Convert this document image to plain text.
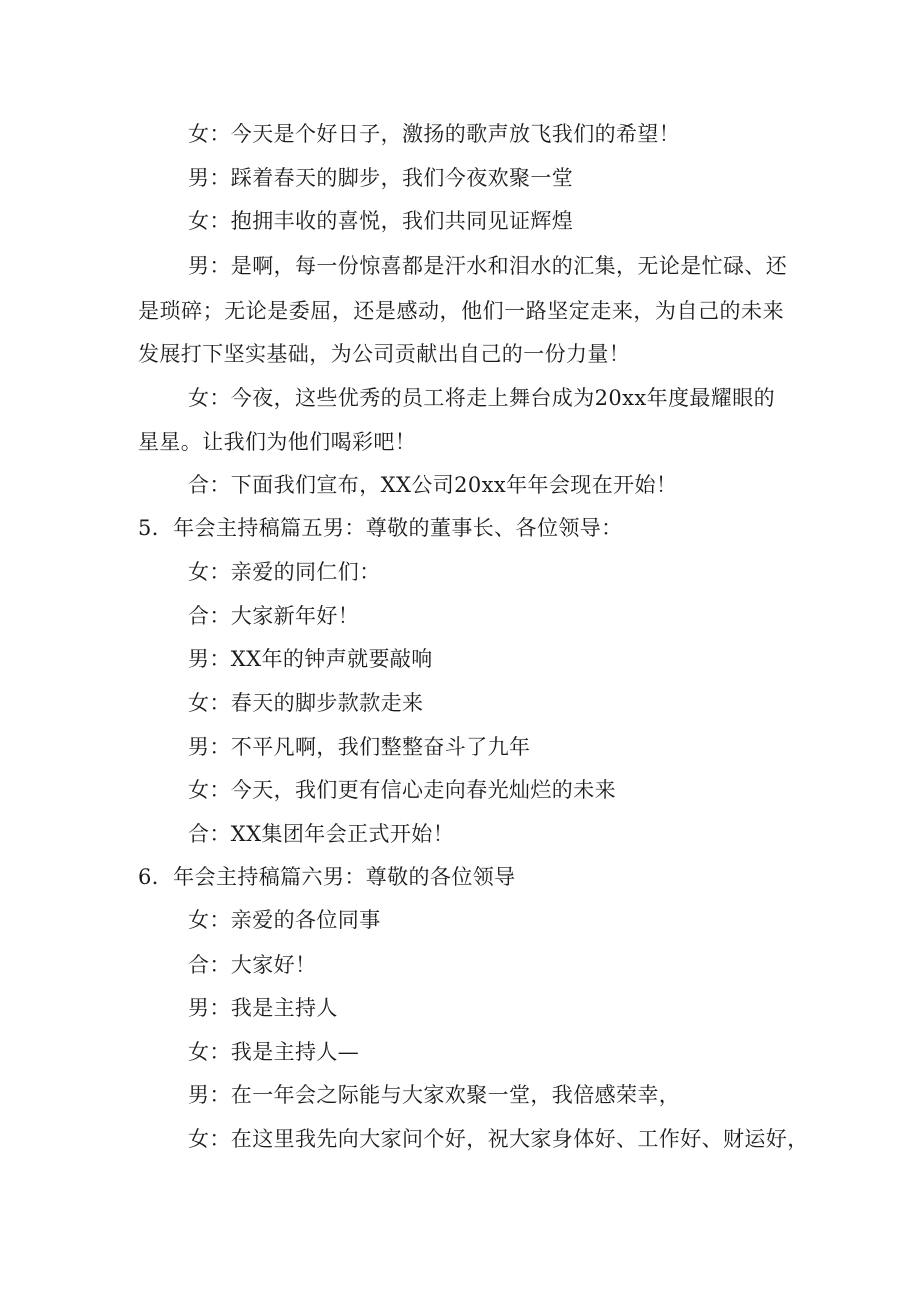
女：今天是个好日子，激扬的歌声放飞我们的希望！
男：踩着春天的脚步，我们今夜欢聚一堂
女：抱拥丰收的喜悦，我们共同见证辉煌
男：是啊，每一份惊喜都是汗水和泪水的汇集，无论是忙碌、还
是琐碎；无论是委屈，还是感动，他们一路坚定走来，为自己的未来
发展打下坚实基础，为公司贡献出自己的一份力量！
女：今夜，这些优秀的员工将走上舞台成为20xx年度最耀眼的
星星。让我们为他们喝彩吧！
合：下面我们宣布，XX公司20xx年年会现在开始！
5．年会主持稿篇五男：尊敬的董事长、各位领导：
女：亲爱的同仁们：
合：大家新年好！
男：XX年的钟声就要敲响
女：春天的脚步款款走来
男：不平凡啊，我们整整奋斗了九年
女：今天，我们更有信心走向春光灿烂的未来
合：XX集团年会正式开始！
6．年会主持稿篇六男：尊敬的各位领导
女：亲爱的各位同事
合：大家好！
男：我是主持人
女：我是主持人—
男：在一年会之际能与大家欢聚一堂，我倍感荣幸，
女：在这里我先向大家问个好，祝大家身体好、工作好、财运好，
